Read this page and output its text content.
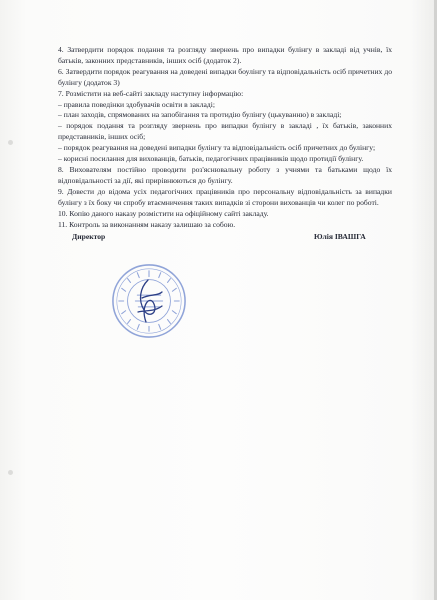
4. Затвердити порядок подання та розгляду звернень про випадки булінгу в закладі від учнів, їх батьків, законних представників, інших осіб (додаток 2).

6. Затвердити порядок реагування на доведені випадки боулінгу та відповідальність осіб причетних до булінгу (додаток 3)

7. Розмістити на веб-сайті закладу наступну інформацію:

– правила поведінки здобувачів освіти в закладі;

– план заходів, спрямованих на запобігання та протидію булінгу (цькуванню) в закладі;

– порядок подання та розгляду звернень про випадки булінгу в закладі , їх батьків, законних представників, інших осіб;

– порядок реагування на доведені випадки булінгу та відповідальність осіб причетних до булінгу;

– корисні посилання для вихованців, батьків, педагогічних працівників щодо протидії булінгу.

8. Вихователям постійно проводити роз'яснювальну роботу з учнями та батьками щодо їх відповідальності за дії, які прирівнюються до булінгу.

9. Довести до відома усіх педагогічних працівників про персональну відповідальність за випадки булінгу з їх боку чи спробу втаємничення таких випадків зі сторони вихованців чи колег по роботі.

10. Копію даного наказу розмістити на офіційному сайті закладу.

11. Контроль за виконанням наказу залишаю за собою.

Директор	Юлія ІВАШГА
